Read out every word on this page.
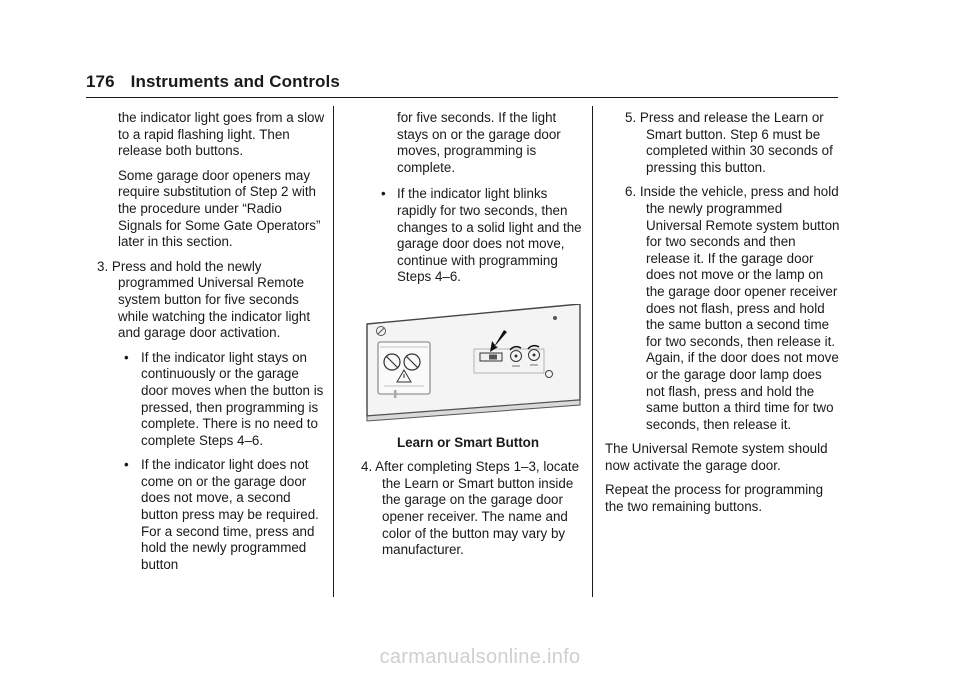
176 Instruments and Controls

the indicator light goes from a slow to a rapid flashing light. Then release both buttons.

Some garage door openers may require substitution of Step 2 with the procedure under “Radio Signals for Some Gate Operators” later in this section.

3. Press and hold the newly programmed Universal Remote system button for five seconds while watching the indicator light and garage door activation.

• If the indicator light stays on continuously or the garage door moves when the button is pressed, then programming is complete. There is no need to complete Steps 4–6.
• If the indicator light does not come on or the garage door does not move, a second button press may be required. For a second time, press and hold the newly programmed button

for five seconds. If the light stays on or the garage door moves, programming is complete.

• If the indicator light blinks rapidly for two seconds, then changes to a solid light and the garage door does not move, continue with programming Steps 4–6.

Learn or Smart Button

4. After completing Steps 1–3, locate the Learn or Smart button inside the garage on the garage door opener receiver. The name and color of the button may vary by manufacturer.

5. Press and release the Learn or Smart button. Step 6 must be completed within 30 seconds of pressing this button.

6. Inside the vehicle, press and hold the newly programmed Universal Remote system button for two seconds and then release it. If the garage door does not move or the lamp on the garage door opener receiver does not flash, press and hold the same button a second time for two seconds, then release it. Again, if the door does not move or the garage door lamp does not flash, press and hold the same button a third time for two seconds, then release it.

The Universal Remote system should now activate the garage door.

Repeat the process for programming the two remaining buttons.

carmanualsonline.info
